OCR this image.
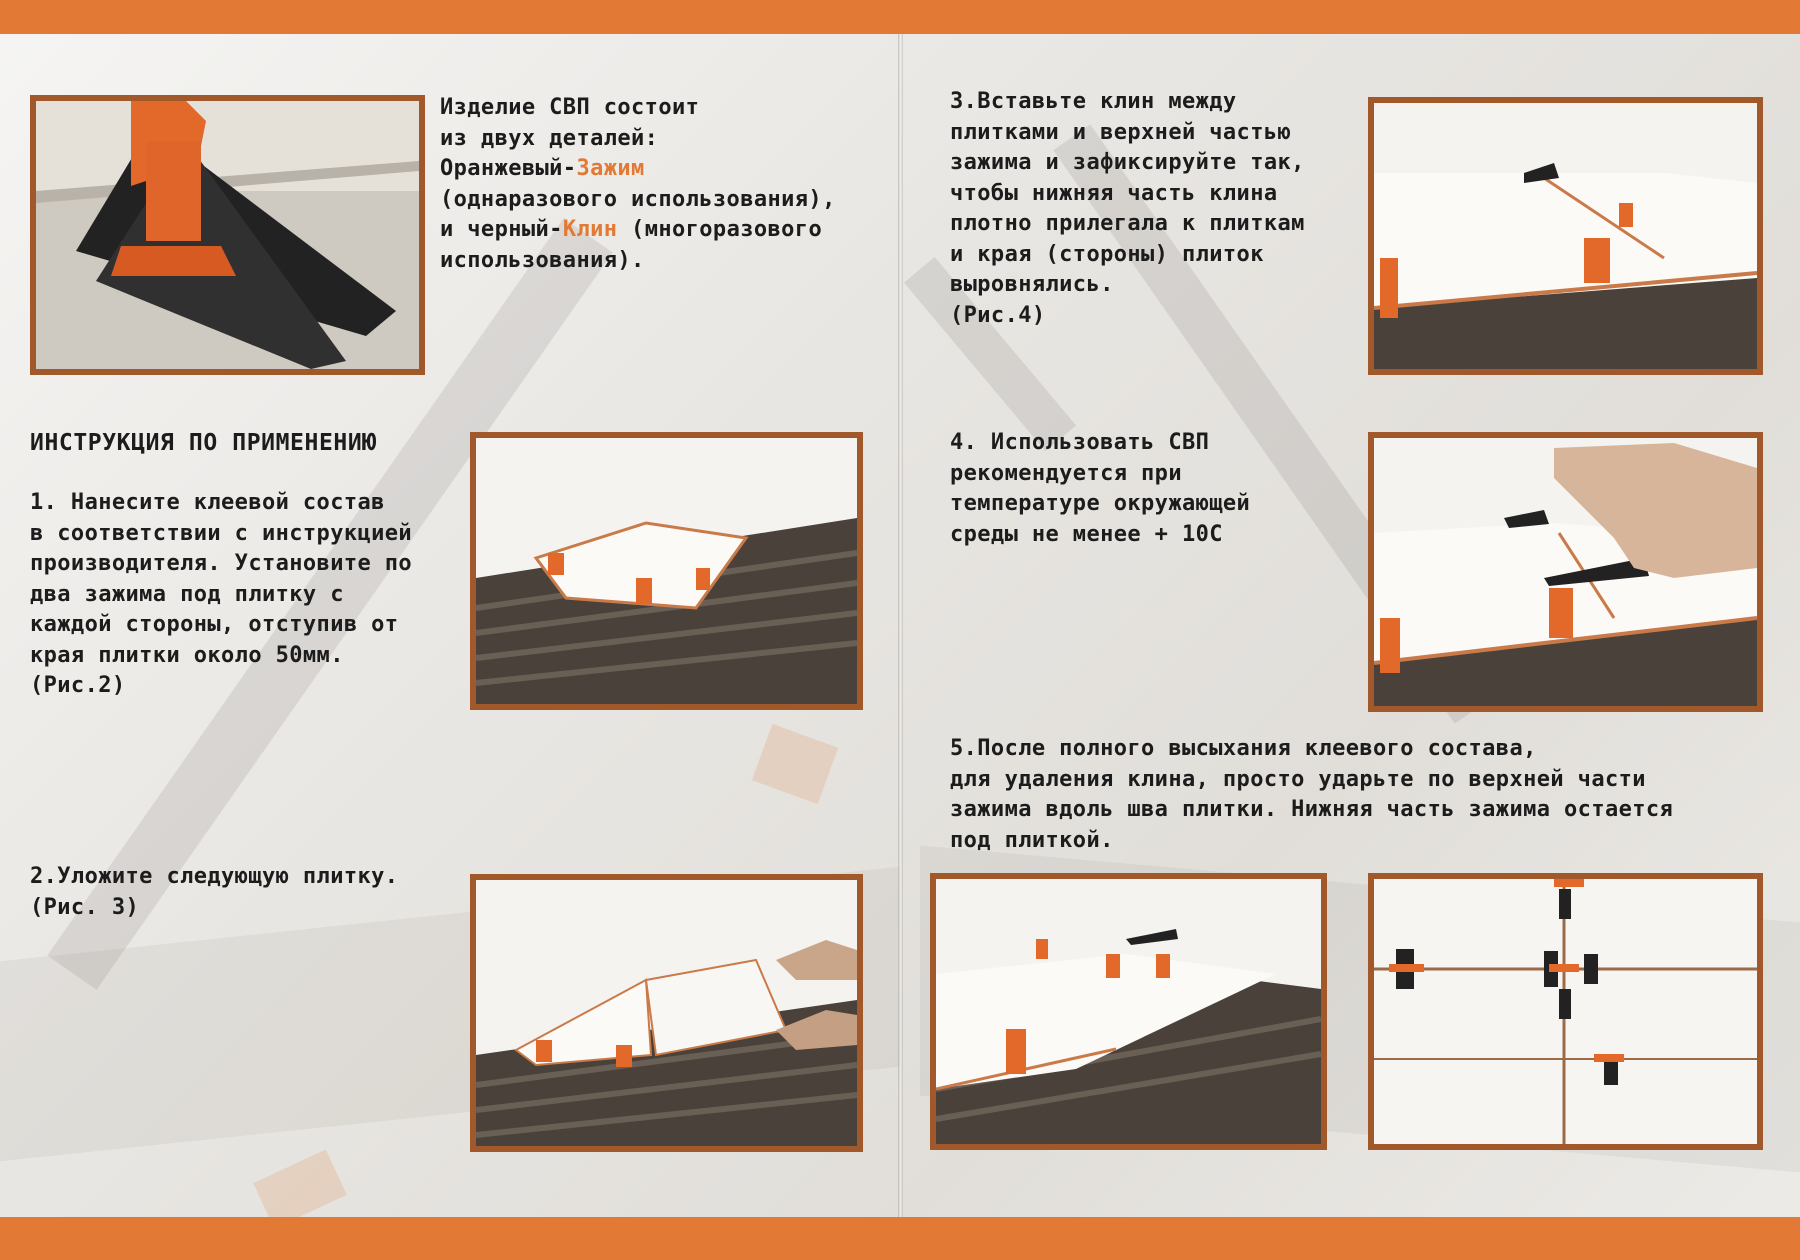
Изделие СВП состоит
из двух деталей:
Оранжевый-Зажим
(однаразового использования),
и черный-Клин (многоразового
использования).
ИНСТРУКЦИЯ ПО ПРИМЕНЕНИЮ
1. Нанесите клеевой состав
в соответствии с инструкцией
производителя. Установите по
два зажима под плитку с
каждой стороны, отступив от
края плитки около 50мм.
(Рис.2)
2.Уложите следующую плитку.
(Рис. 3)
3.Вставьте клин между
плитками и верхней частью
зажима и зафиксируйте так,
чтобы нижняя часть клина
плотно прилегала к плиткам
и края (стороны) плиток
выровнялись.
(Рис.4)
4. Использовать СВП
рекомендуется при
температуре окружающей
среды не менее + 10С
5.После полного высыхания клеевого состава,
для удаления клина, просто ударьте по верхней части
зажима вдоль шва плитки. Нижняя часть зажима остается
под плиткой.
